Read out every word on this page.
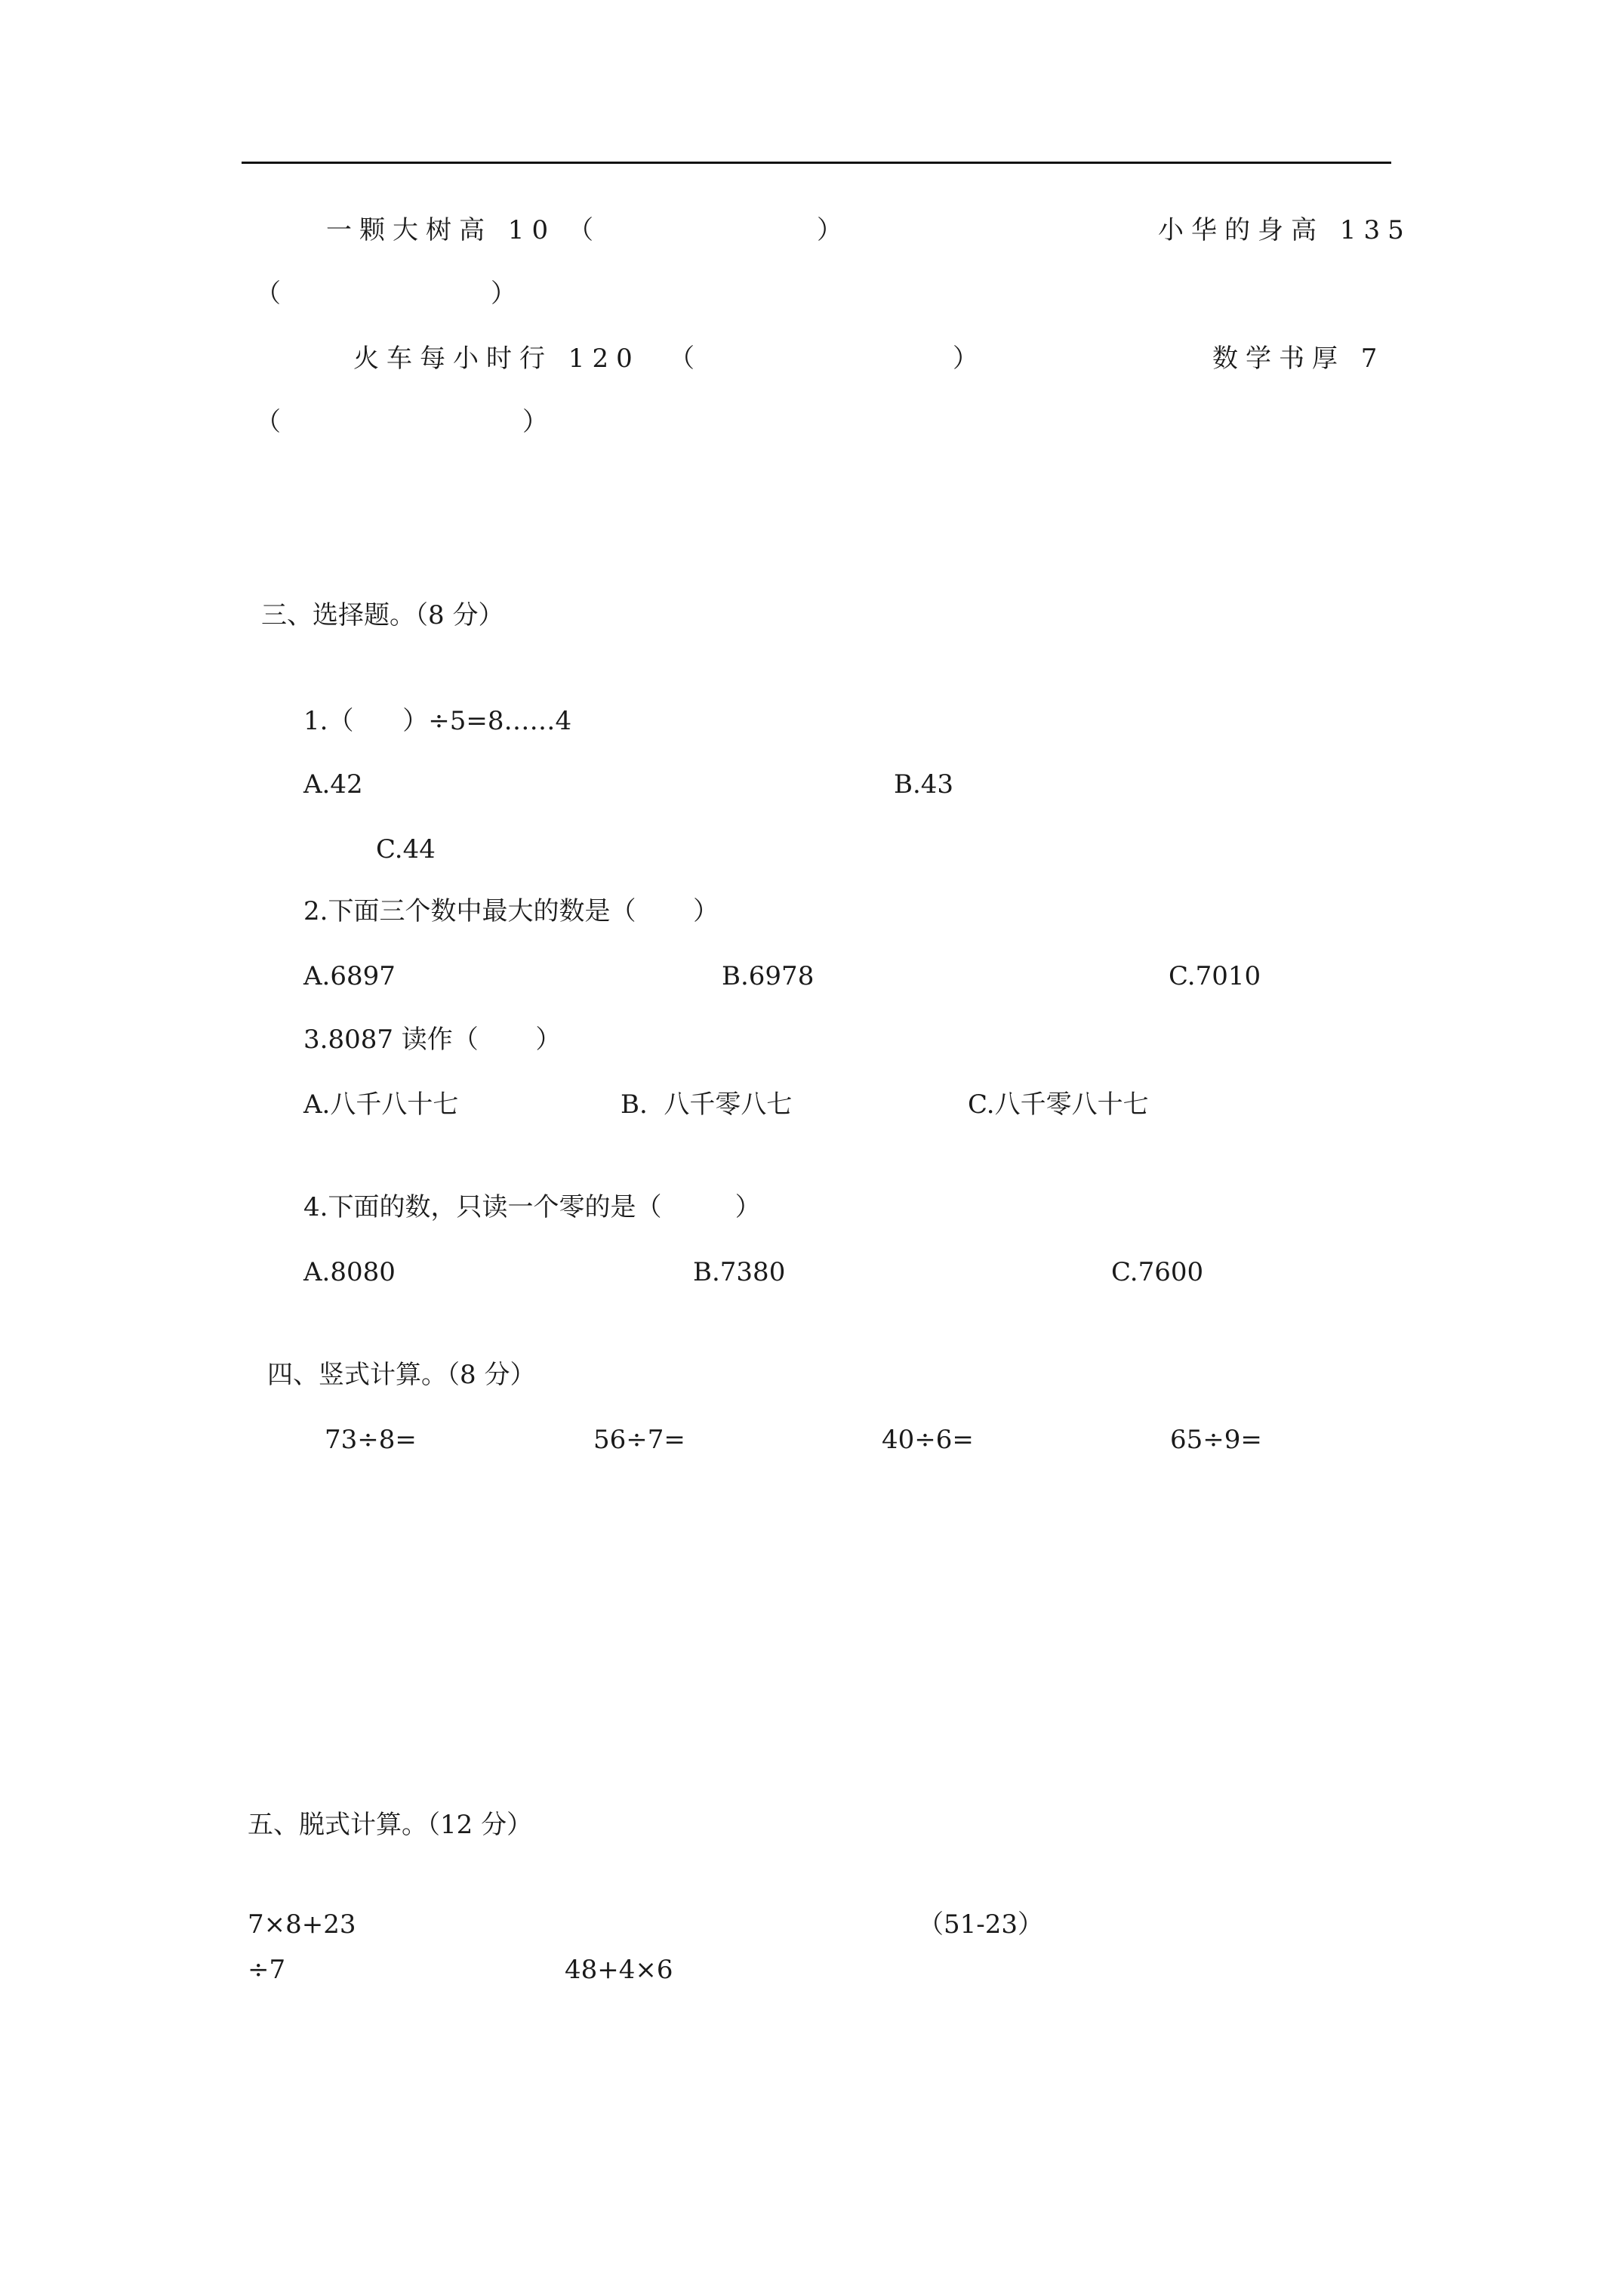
一颗大树高 10 （	）	小华的身高 135
（	）
火车每小时行 120 （	）	数学书厚 7
（	）
三、选择题。（8 分）
1.（      ）÷5=8……4
A.42	B.43
C.44
2.下面三个数中最大的数是（       ）
A.6897	B.6978	C.7010
3.8087 读作（       ）
A.八千八十七	B.  八千零八七	C.八千零八十七
4.下面的数，只读一个零的是（         ）
A.8080	B.7380	C.7600
四、竖式计算。（8 分）
73÷8=	56÷7=	40÷6=	65÷9=
五、脱式计算。（12 分）
7×8+23	（51-23）
÷7	48+4×6
